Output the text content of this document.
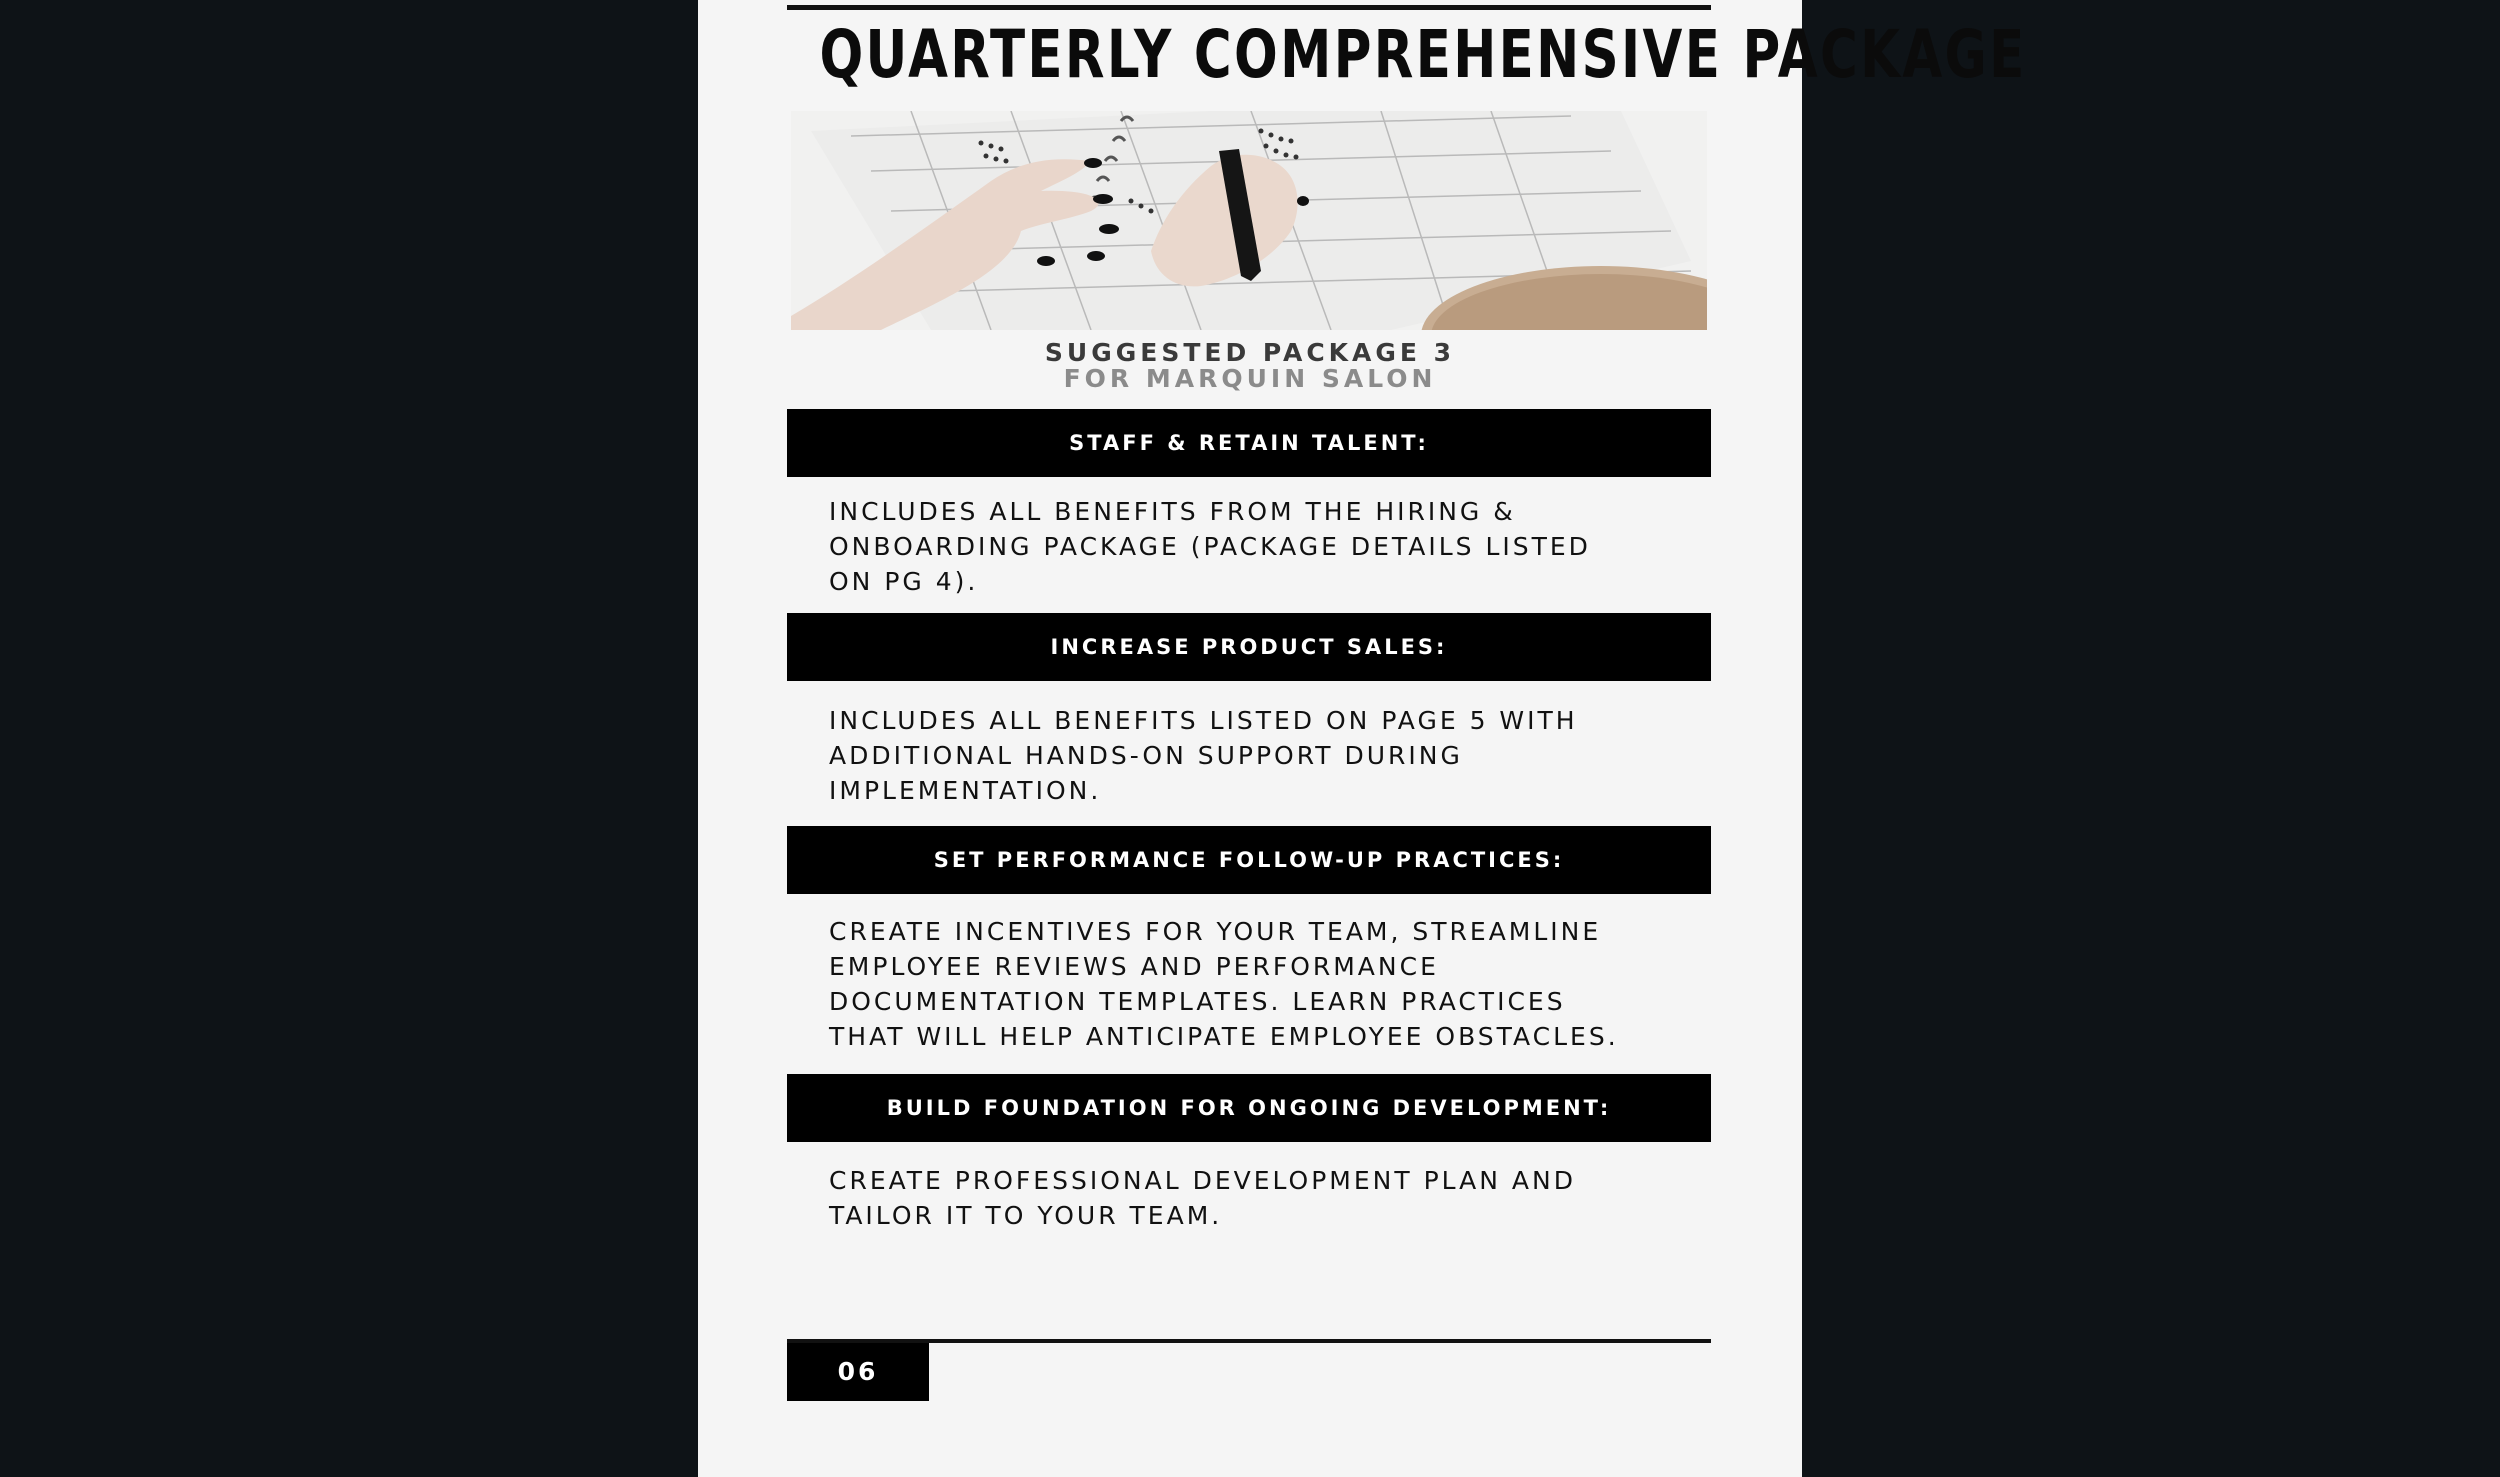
QUARTERLY COMPREHENSIVE PACKAGE
SUGGESTED PACKAGE 3
FOR MARQUIN SALON
STAFF & RETAIN TALENT:
INCLUDES ALL BENEFITS FROM THE HIRING &
ONBOARDING PACKAGE (PACKAGE DETAILS LISTED
ON PG 4).
INCREASE PRODUCT SALES:
INCLUDES ALL BENEFITS LISTED ON PAGE 5 WITH
ADDITIONAL HANDS-ON SUPPORT DURING
IMPLEMENTATION.
SET PERFORMANCE FOLLOW-UP PRACTICES:
CREATE INCENTIVES FOR YOUR TEAM, STREAMLINE
EMPLOYEE REVIEWS AND PERFORMANCE
DOCUMENTATION TEMPLATES. LEARN PRACTICES
THAT WILL HELP ANTICIPATE EMPLOYEE OBSTACLES.
BUILD FOUNDATION FOR ONGOING DEVELOPMENT:
CREATE PROFESSIONAL DEVELOPMENT PLAN AND
TAILOR IT TO YOUR TEAM.
06
